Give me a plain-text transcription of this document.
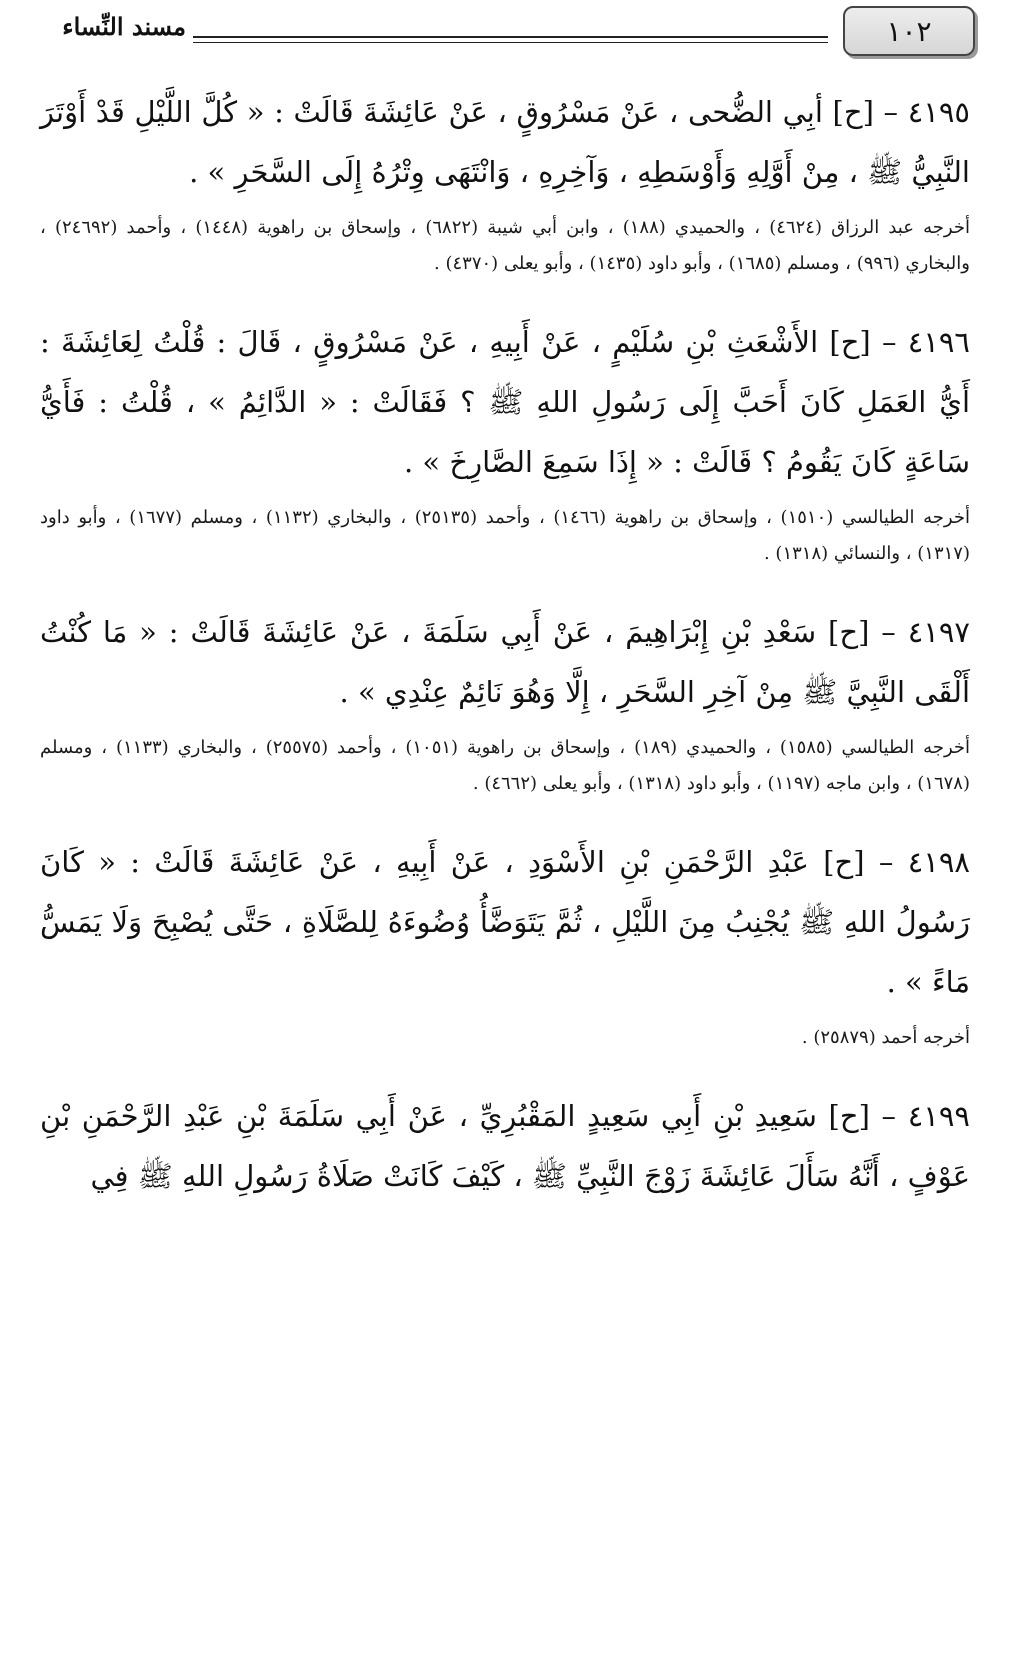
١٠٢
مسند النِّساء

٤١٩٥ – [ح] أبِي الضُّحى ، عَنْ مَسْرُوقٍ ، عَنْ عَائِشَةَ قَالَتْ : « كُلَّ اللَّيْلِ قَدْ أَوْتَرَ النَّبِيُّ ﷺ ، مِنْ أَوَّلِهِ وَأَوْسَطِهِ ، وَآخِرِهِ ، وَانْتَهَى وِتْرُهُ إِلَى السَّحَرِ » .

أخرجه عبد الرزاق (٤٦٢٤) ، والحميدي (١٨٨) ، وابن أبي شيبة (٦٨٢٢) ، وإسحاق بن راهوية (١٤٤٨) ، وأحمد (٢٤٦٩٢) ، والبخاري (٩٩٦) ، ومسلم (١٦٨٥) ، وأبو داود (١٤٣٥) ، وأبو يعلى (٤٣٧٠) .

٤١٩٦ – [ح] الأَشْعَثِ بْنِ سُلَيْمٍ ، عَنْ أَبِيهِ ، عَنْ مَسْرُوقٍ ، قَالَ : قُلْتُ لِعَائِشَةَ : أَيُّ العَمَلِ كَانَ أَحَبَّ إِلَى رَسُولِ اللهِ ﷺ ؟ فَقَالَتْ : « الدَّائِمُ » ، قُلْتُ : فَأَيُّ سَاعَةٍ كَانَ يَقُومُ ؟ قَالَتْ : « إِذَا سَمِعَ الصَّارِخَ » .

أخرجه الطيالسي (١٥١٠) ، وإسحاق بن راهوية (١٤٦٦) ، وأحمد (٢٥١٣٥) ، والبخاري (١١٣٢) ، ومسلم (١٦٧٧) ، وأبو داود (١٣١٧) ، والنسائي (١٣١٨) .

٤١٩٧ – [ح] سَعْدِ بْنِ إِبْرَاهِيمَ ، عَنْ أَبِي سَلَمَةَ ، عَنْ عَائِشَةَ قَالَتْ : « مَا كُنْتُ أَلْقَى النَّبِيَّ ﷺ مِنْ آخِرِ السَّحَرِ ، إِلَّا وَهُوَ نَائِمٌ عِنْدِي » .

أخرجه الطيالسي (١٥٨٥) ، والحميدي (١٨٩) ، وإسحاق بن راهوية (١٠٥١) ، وأحمد (٢٥٥٧٥) ، والبخاري (١١٣٣) ، ومسلم (١٦٧٨) ، وابن ماجه (١١٩٧) ، وأبو داود (١٣١٨) ، وأبو يعلى (٤٦٦٢) .

٤١٩٨ – [ح] عَبْدِ الرَّحْمَنِ بْنِ الأَسْوَدِ ، عَنْ أَبِيهِ ، عَنْ عَائِشَةَ قَالَتْ : « كَانَ رَسُولُ اللهِ ﷺ يُجْنِبُ مِنَ اللَّيْلِ ، ثُمَّ يَتَوَضَّأُ وُضُوءَهُ لِلصَّلَاةِ ، حَتَّى يُصْبِحَ وَلَا يَمَسُّ مَاءً » .

أخرجه أحمد (٢٥٨٧٩) .

٤١٩٩ – [ح] سَعِيدِ بْنِ أَبِي سَعِيدٍ المَقْبُرِيِّ ، عَنْ أَبِي سَلَمَةَ بْنِ عَبْدِ الرَّحْمَنِ بْنِ عَوْفٍ ، أَنَّهُ سَأَلَ عَائِشَةَ زَوْجَ النَّبِيِّ ﷺ ، كَيْفَ كَانَتْ صَلَاةُ رَسُولِ اللهِ ﷺ فِي
